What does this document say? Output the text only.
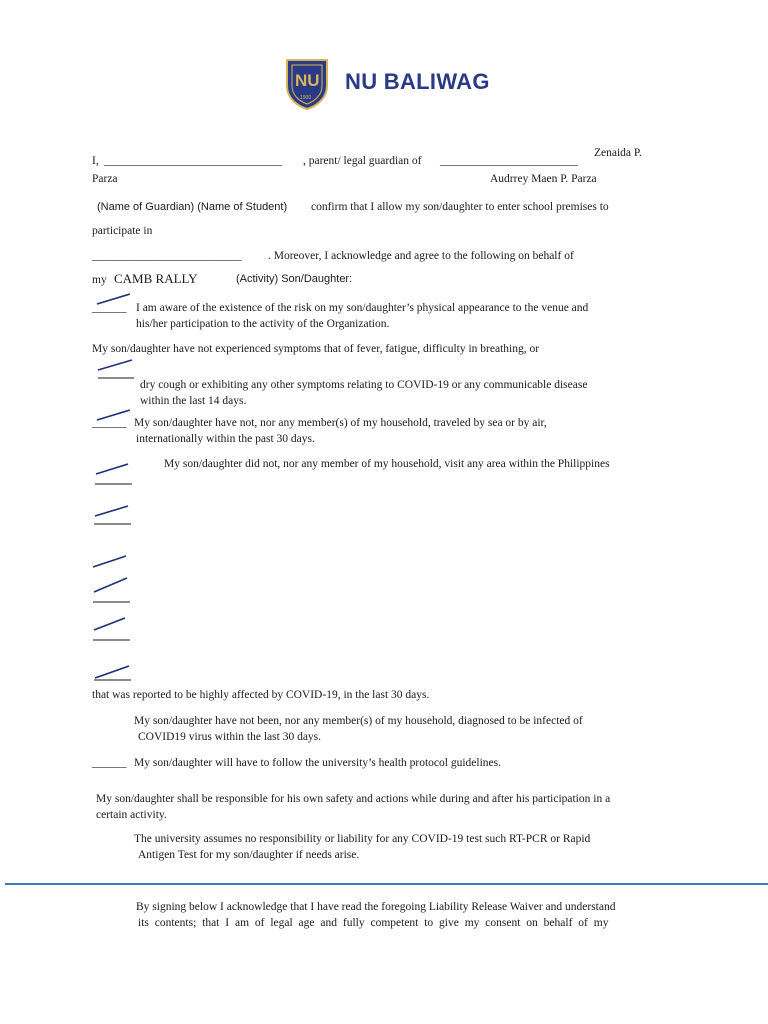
NU
1900
NU BALIWAG
Zenaida P.
I, _______________________________ , parent/ legal guardian of ________________________
Parza	Audrrey Maen P. Parza
(Name of Guardian) (Name of Student) confirm that I allow my son/daughter to enter school premises to
participate in
__________________________ . Moreover, I acknowledge and agree to the following on behalf of
my CAMB RALLY	(Activity) Son/Daughter:
______ I am aware of the existence of the risk on my son/daughter’s physical appearance to the venue and
his/her participation to the activity of the Organization.
My son/daughter have not experienced symptoms that of fever, fatigue, difficulty in breathing, or
dry cough or exhibiting any other symptoms relating to COVID-19 or any communicable disease
within the last 14 days.
______ My son/daughter have not, nor any member(s) of my household, traveled by sea or by air,
internationally within the past 30 days.
My son/daughter did not, nor any member of my household, visit any area within the Philippines
that was reported to be highly affected by COVID-19, in the last 30 days.
My son/daughter have not been, nor any member(s) of my household, diagnosed to be infected of
COVID19 virus within the last 30 days.
______ My son/daughter will have to follow the university’s health protocol guidelines.
My son/daughter shall be responsible for his own safety and actions while during and after his participation in a
certain activity.
The university assumes no responsibility or liability for any COVID-19 test such RT-PCR or Rapid
Antigen Test for my son/daughter if needs arise.
By signing below I acknowledge that I have read the foregoing Liability Release Waiver and understand
its contents; that I am of legal age and fully competent to give my consent on behalf of my
